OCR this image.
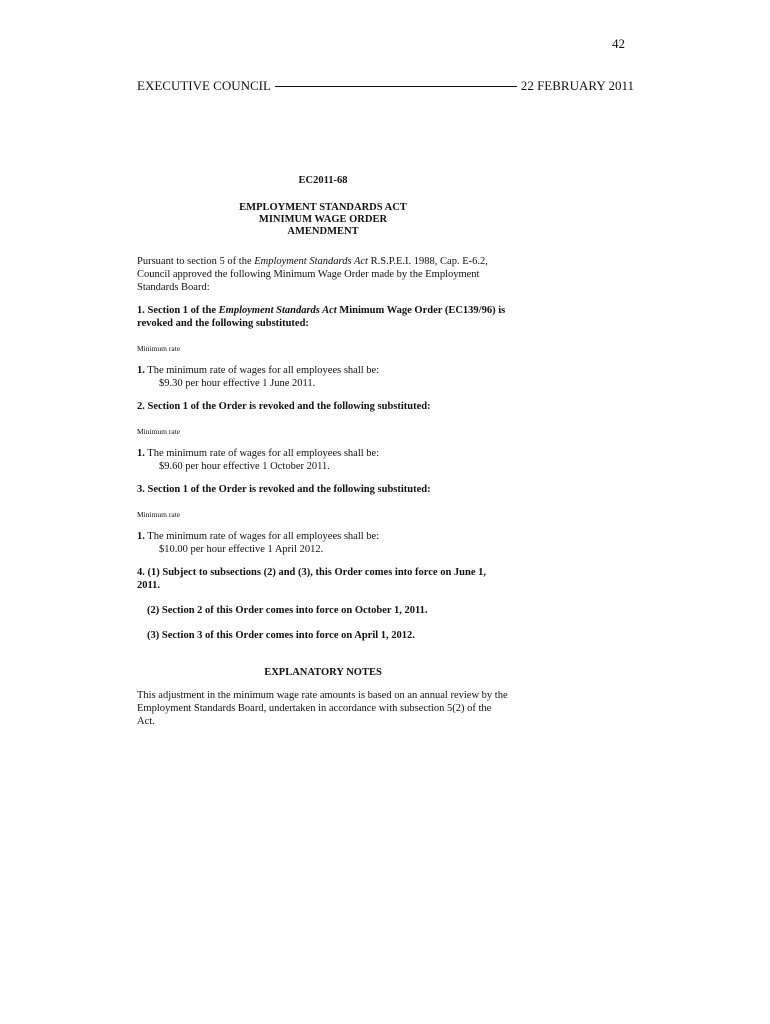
42
EXECUTIVE COUNCIL	22 FEBRUARY 2011
EC2011-68
EMPLOYMENT STANDARDS ACT
MINIMUM WAGE ORDER
AMENDMENT

Pursuant to section 5 of the Employment Standards Act R.S.P.E.I. 1988, Cap. E-6.2, Council approved the following Minimum Wage Order made by the Employment Standards Board:

1. Section 1 of the Employment Standards Act Minimum Wage Order (EC139/96) is revoked and the following substituted:

Minimum rate

1. The minimum rate of wages for all employees shall be:
$9.30 per hour effective 1 June 2011.

2. Section 1 of the Order is revoked and the following substituted:

Minimum rate

1. The minimum rate of wages for all employees shall be:
$9.60 per hour effective 1 October 2011.

3. Section 1 of the Order is revoked and the following substituted:

Minimum rate

1. The minimum rate of wages for all employees shall be:
$10.00 per hour effective 1 April 2012.

4. (1) Subject to subsections (2) and (3), this Order comes into force on June 1, 2011.

(2) Section 2 of this Order comes into force on October 1, 2011.

(3) Section 3 of this Order comes into force on April 1, 2012.

EXPLANATORY NOTES

This adjustment in the minimum wage rate amounts is based on an annual review by the Employment Standards Board, undertaken in accordance with subsection 5(2) of the Act.
